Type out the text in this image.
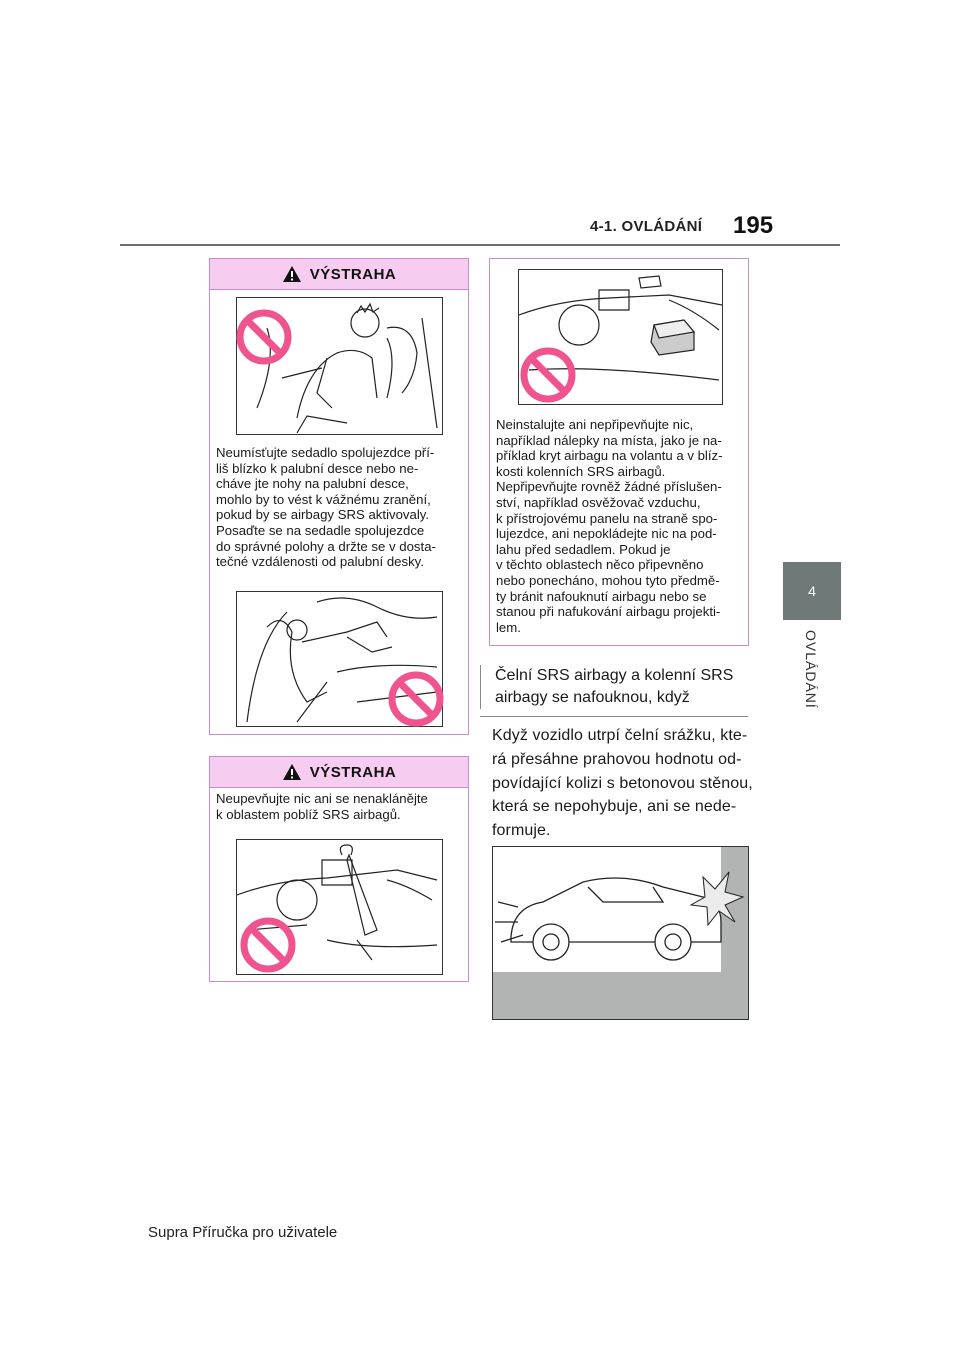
4-1. OVLÁDÁNÍ 195
4
OVLÁDÁNÍ
VÝSTRAHA
Neumísťujte sedadlo spolujezdce pří-
liš blízko k palubní desce nebo ne-
cháve jte nohy na palubní desce,
mohlo by to vést k vážnému zranění,
pokud by se airbagy SRS aktivovaly.
Posaďte se na sedadle spolujezdce
do správné polohy a držte se v dosta-
tečné vzdálenosti od palubní desky.
VÝSTRAHA
Neupevňujte nic ani se nenaklánějte
k oblastem poblíž SRS airbagů.
Neinstalujte ani nepřipevňujte nic,
například nálepky na místa, jako je na-
příklad kryt airbagu na volantu a v blíz-
kosti kolenních SRS airbagů.
Nepřipevňujte rovněž žádné příslušen-
ství, například osvěžovač vzduchu,
k přístrojovému panelu na straně spo-
lujezdce, ani nepokládejte nic na pod-
lahu před sedadlem. Pokud je
v těchto oblastech něco připevněno
nebo ponecháno, mohou tyto předmě-
ty bránit nafouknutí airbagu nebo se
stanou při nafukování airbagu projekti-
lem.
Čelní SRS airbagy a kolenní SRS
airbagy se nafouknou, když
Když vozidlo utrpí čelní srážku, kte-
rá přesáhne prahovou hodnotu od-
povídající kolizi s betonovou stěnou,
která se nepohybuje, ani se nede-
formuje.
Supra Příručka pro uživatele
